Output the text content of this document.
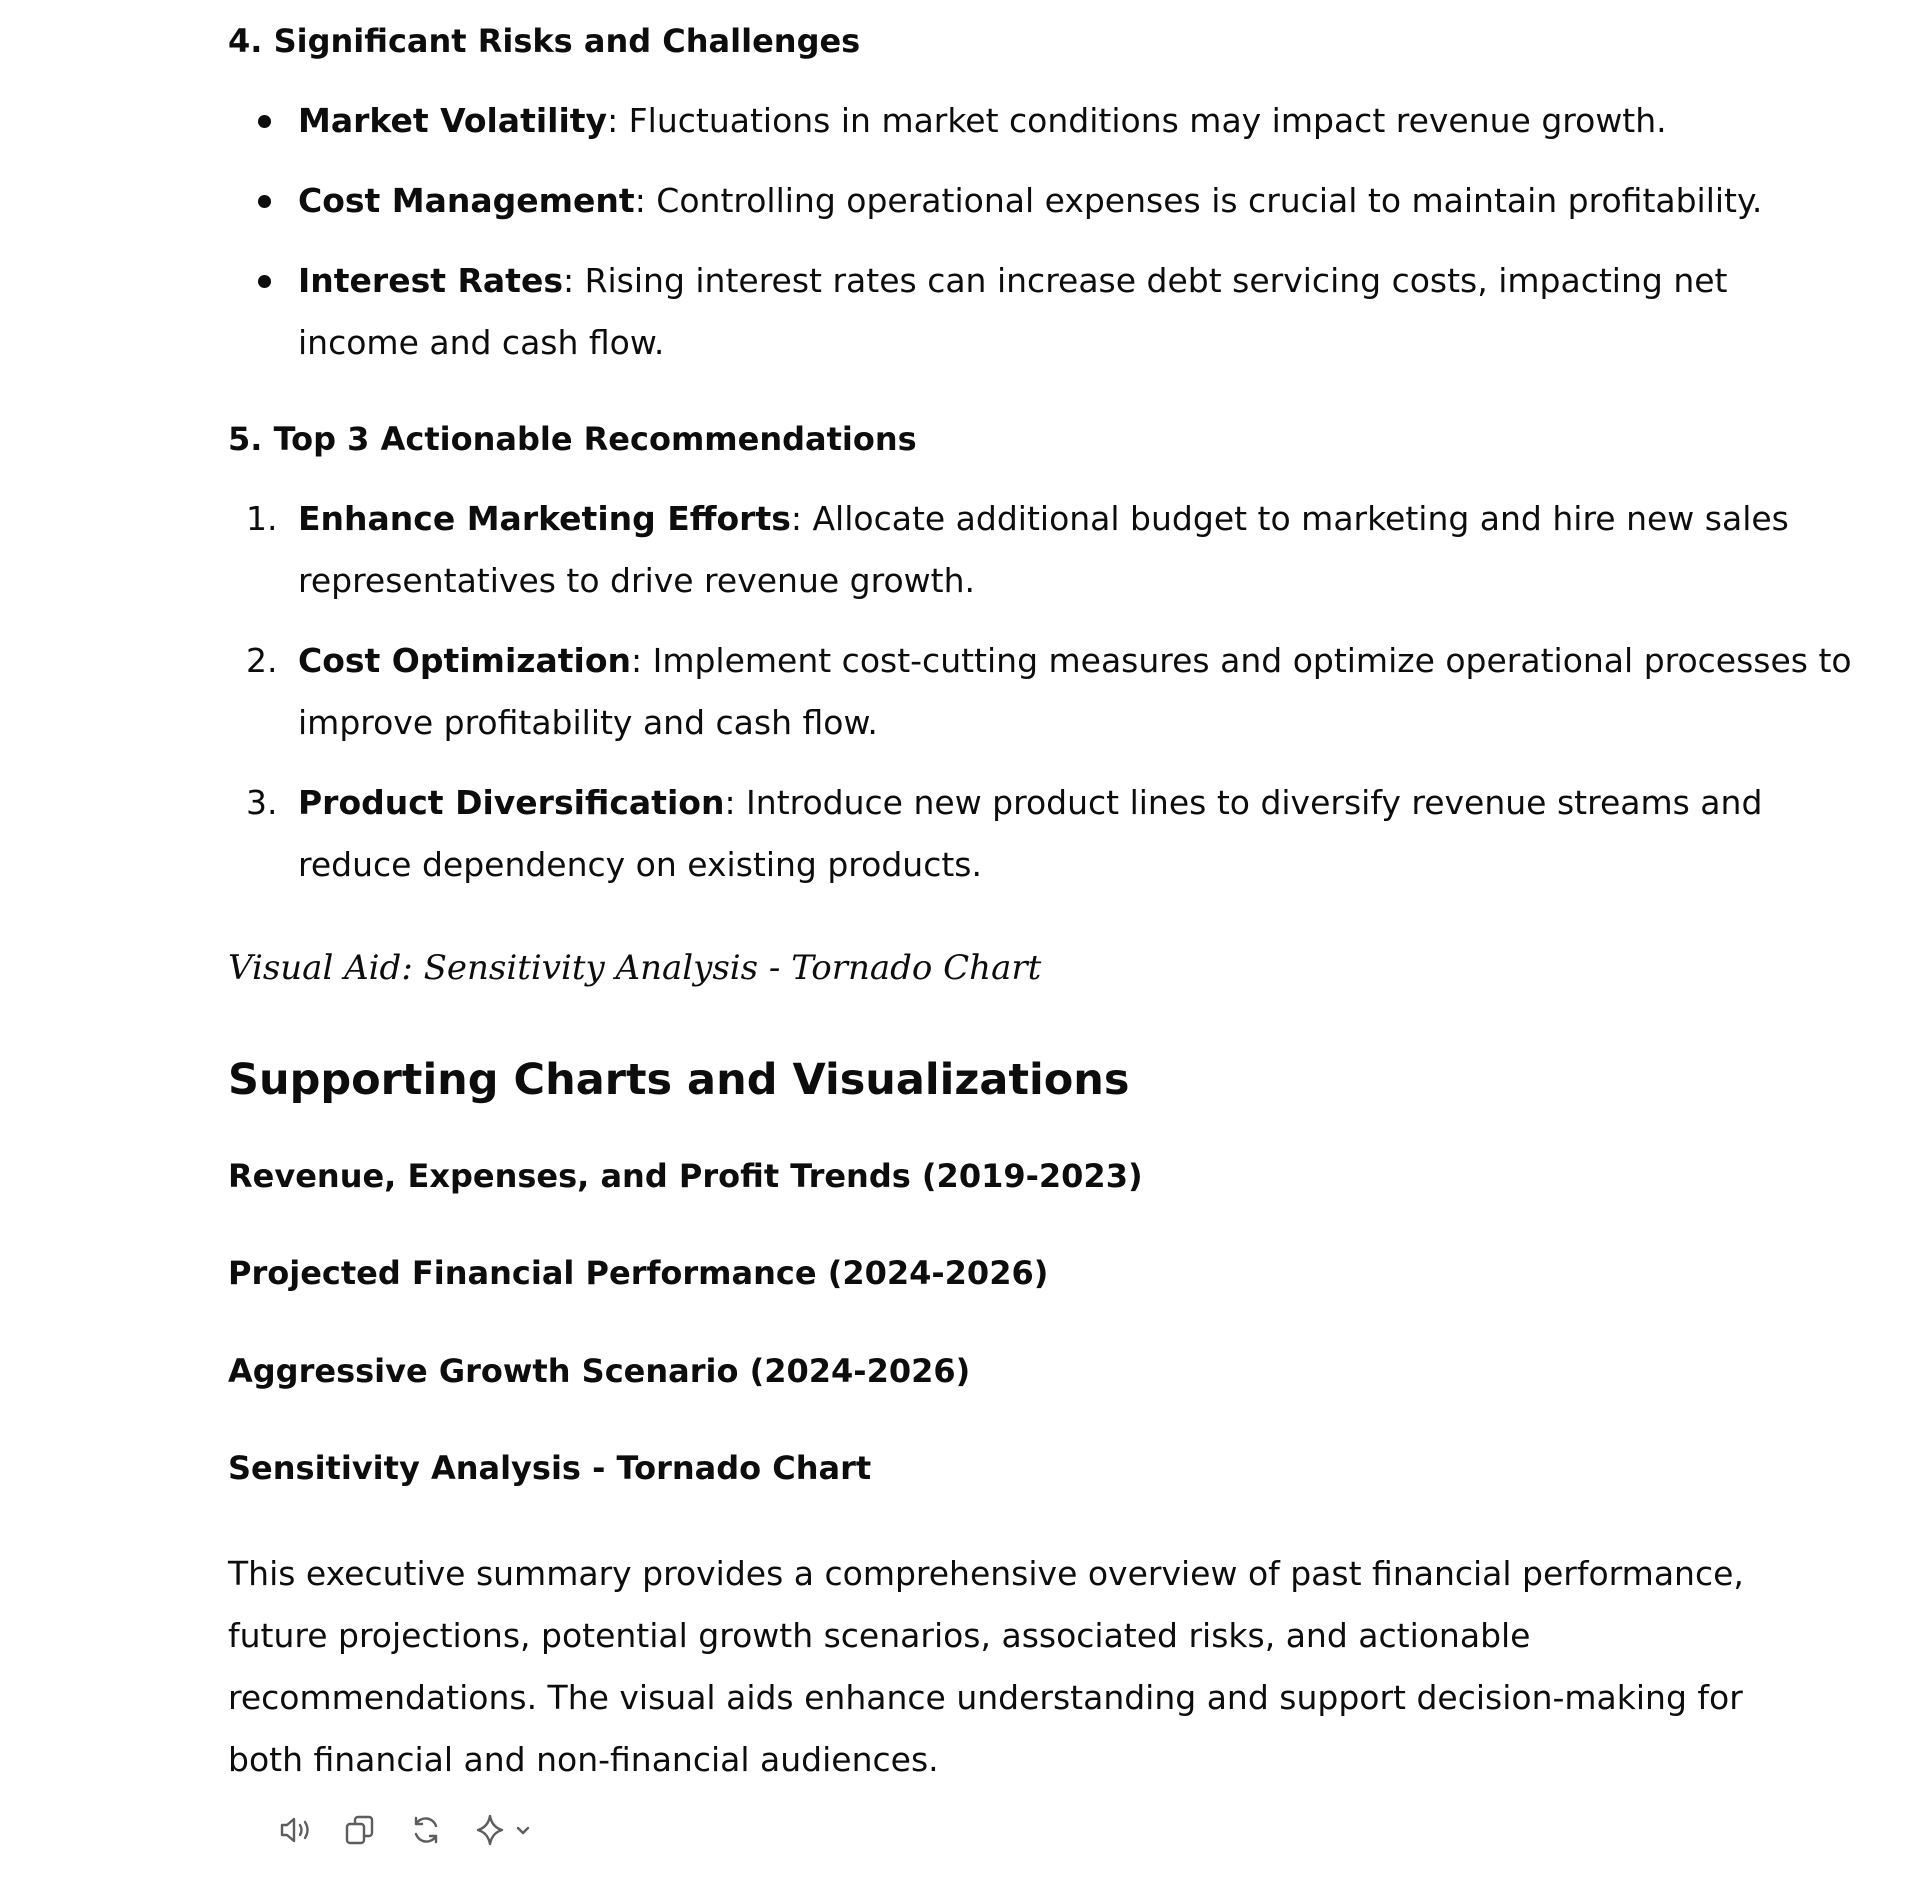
4. Significant Risks and Challenges
Market Volatility: Fluctuations in market conditions may impact revenue growth.
Cost Management: Controlling operational expenses is crucial to maintain profitability.
Interest Rates: Rising interest rates can increase debt servicing costs, impacting net income and cash flow.
5. Top 3 Actionable Recommendations
1. Enhance Marketing Efforts: Allocate additional budget to marketing and hire new sales representatives to drive revenue growth.
2. Cost Optimization: Implement cost-cutting measures and optimize operational processes to improve profitability and cash flow.
3. Product Diversification: Introduce new product lines to diversify revenue streams and reduce dependency on existing products.
Visual Aid: Sensitivity Analysis - Tornado Chart
Supporting Charts and Visualizations
Revenue, Expenses, and Profit Trends (2019-2023)
Projected Financial Performance (2024-2026)
Aggressive Growth Scenario (2024-2026)
Sensitivity Analysis - Tornado Chart
This executive summary provides a comprehensive overview of past financial performance, future projections, potential growth scenarios, associated risks, and actionable recommendations. The visual aids enhance understanding and support decision-making for both financial and non-financial audiences.
